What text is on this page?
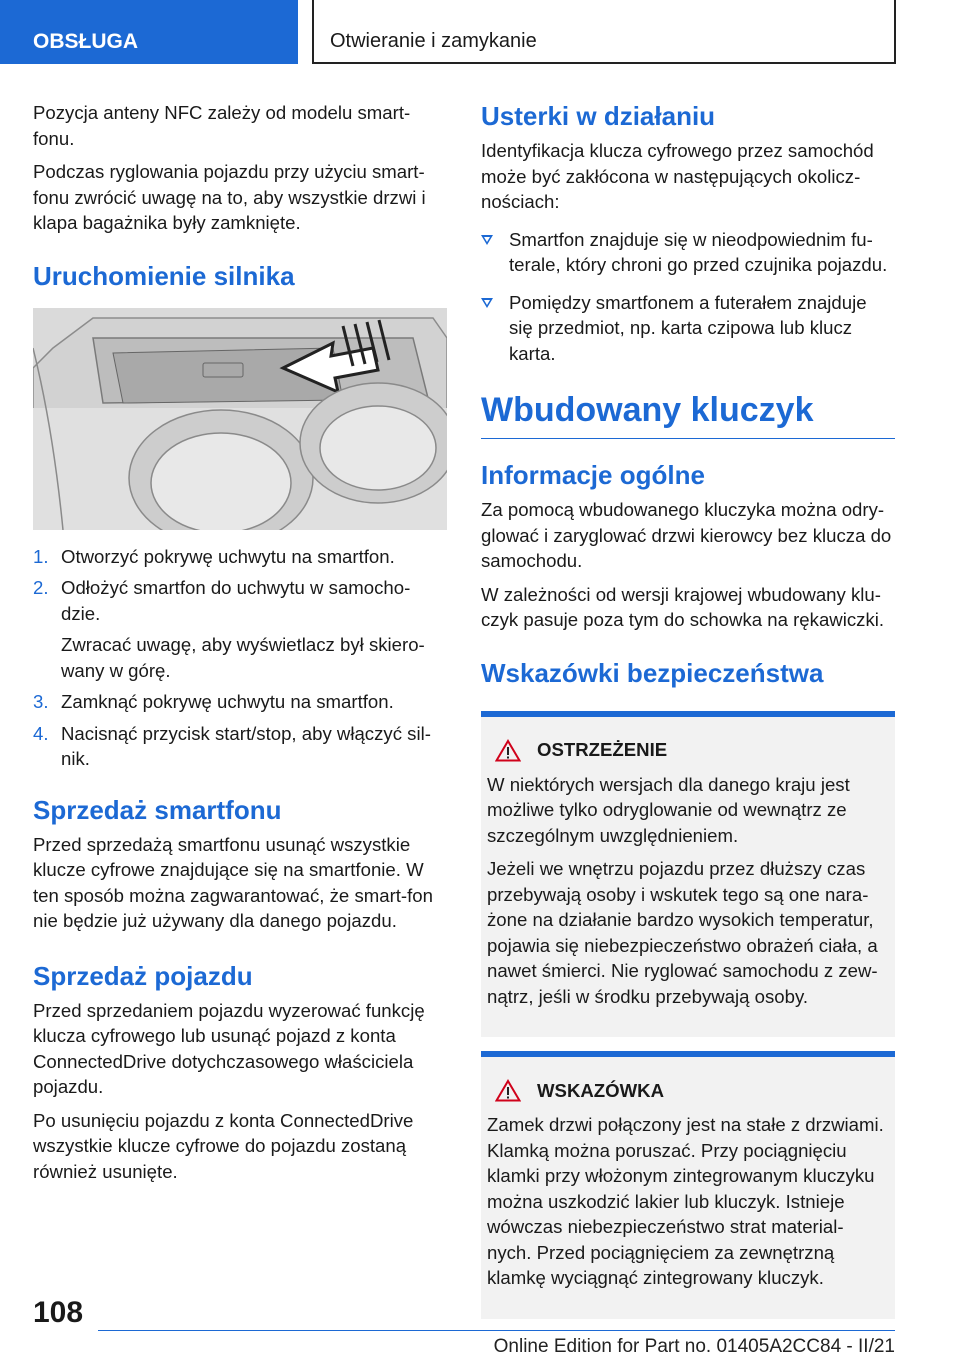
OBSŁUGA	Otwieranie i zamykanie

Pozycja anteny NFC zależy od modelu smart‐fonu.

Podczas ryglowania pojazdu przy użyciu smart‐fonu zwrócić uwagę na to, aby wszystkie drzwi i klapa bagażnika były zamknięte.

Uruchomienie silnika
1. Otworzyć pokrywę uchwytu na smartfon.

2. Odłożyć smartfon do uchwytu w samocho‐dzie.

Zwracać uwagę, aby wyświetlacz był skiero‐wany w górę.

3. Zamknąć pokrywę uchwytu na smartfon.

4. Nacisnąć przycisk start/stop, aby włączyć sil‐nik.

Sprzedaż smartfonu

Przed sprzedażą smartfonu usunąć wszystkie klucze cyfrowe znajdujące się na smartfonie. W ten sposób można zagwarantować, że smart‐fon nie będzie już używany dla danego pojazdu.

Sprzedaż pojazdu

Przed sprzedaniem pojazdu wyzerować funkcję klucza cyfrowego lub usunąć pojazd z konta ConnectedDrive dotychczasowego właściciela pojazdu.

Po usunięciu pojazdu z konta ConnectedDrive wszystkie klucze cyfrowe do pojazdu zostaną również usunięte.

Usterki w działaniu

Identyfikacja klucza cyfrowego przez samochód może być zakłócona w następujących okolicz‐nościach:

Smartfon znajduje się w nieodpowiednim fu‐terale, który chroni go przed czujnika pojazdu.

Pomiędzy smartfonem a futerałem znajduje się przedmiot, np. karta czipowa lub klucz karta.

Wbudowany kluczyk
Informacje ogólne

Za pomocą wbudowanego kluczyka można odry‐glować i zaryglować drzwi kierowcy bez klucza do samochodu.

W zależności od wersji krajowej wbudowany klu‐czyk pasuje poza tym do schowka na rękawiczki.

Wskazówki bezpieczeństwa
OSTRZEŻENIE

W niektórych wersjach dla danego kraju jest możliwe tylko odryglowanie od wewnątrz ze szczególnym uwzględnieniem.

Jeżeli we wnętrzu pojazdu przez dłuższy czas przebywają osoby i wskutek tego są one nara‐żone na działanie bardzo wysokich temperatur, pojawia się niebezpieczeństwo obrażeń ciała, a nawet śmierci. Nie ryglować samochodu z zew‐nątrz, jeśli w środku przebywają osoby.

WSKAZÓWKA

Zamek drzwi połączony jest na stałe z drzwiami. Klamką można poruszać. Przy pociągnięciu klamki przy włożonym zintegrowanym kluczyku można uszkodzić lakier lub kluczyk. Istnieje wówczas niebezpieczeństwo strat material‐nych. Przed pociągnięciem za zewnętrzną klamkę wyciągnąć zintegrowany kluczyk.

108
Online Edition for Part no. 01405A2CC84 - II/21
